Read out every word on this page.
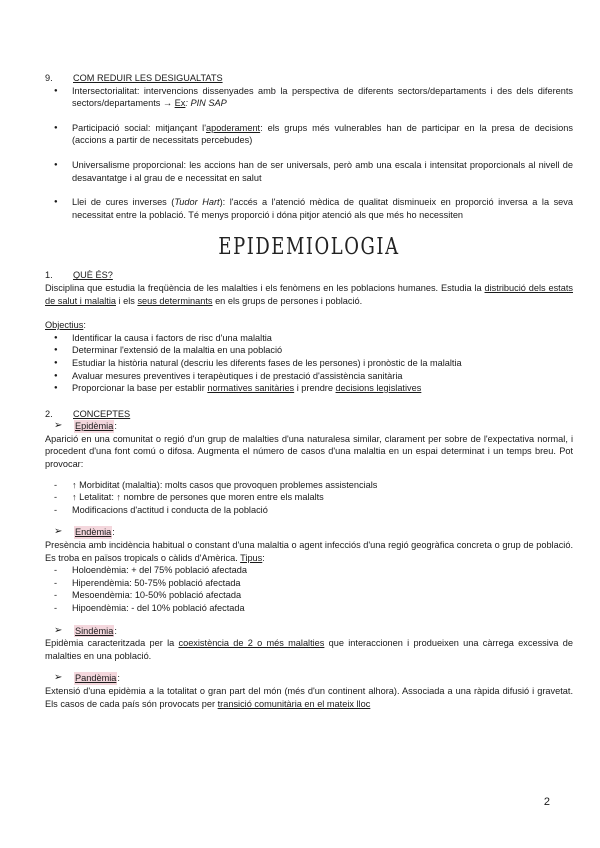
9.	COM REDUIR LES DESIGUALTATS
● Intersectorialitat: intervencions dissenyades amb la perspectiva de diferents sectors/departaments i des dels diferents sectors/departaments → Ex: PIN SAP
● Participació social: mitjançant l'apoderament: els grups més vulnerables han de participar en la presa de decisions (accions a partir de necessitats percebudes)
● Universalisme proporcional: les accions han de ser universals, però amb una escala i intensitat proporcionals al nivell de desavantatge i al grau de e necessitat en salut
● Llei de cures inverses (Tudor Hart): l'accés a l'atenció mèdica de qualitat disminueix en proporció inversa a la seva necessitat entre la població. Té menys proporció i dóna pitjor atenció als que més ho necessiten
EPIDEMIOLOGIA
1.	QUÈ ÉS?

Disciplina que estudia la freqüència de les malalties i els fenòmens en les poblacions humanes. Estudia la distribució dels estats de salut i malaltia i els seus determinants en els grups de persones i població.

Objectius:
● Identificar la causa i factors de risc d'una malaltia
● Determinar l'extensió de la malaltia en una població
● Estudiar la història natural (descriu les diferents fases de les persones) i pronòstic de la malaltia
● Avaluar mesures preventives i terapèutiques i de prestació d'assistència sanitària
● Proporcionar la base per establir normatives sanitàries i prendre decisions legislatives
2.	CONCEPTES
➢	Epidèmia :

Aparició en una comunitat o regió d'un grup de malalties d'una naturalesa similar, clarament per sobre de l'expectativa normal, i procedent d'una font comú o difosa. Augmenta el número de casos d'una malaltia en un espai determinat i un temps breu. Pot provocar:

- ↑ Morbiditat (malaltia): molts casos que provoquen problemes assistencials
- ↑ Letalitat: ↑ nombre de persones que moren entre els malalts
- Modificacions d'actitud i conducta de la població
➢	Endèmia :

Presència amb incidència habitual o constant d'una malaltia o agent infecciós d'una regió geogràfica concreta o grup de població. Es troba en països tropicals o càlids d'Amèrica. Tipus:

- Holoendèmia: + del 75% població afectada
- Hiperendèmia: 50-75% població afectada
- Mesoendèmia: 10-50% població afectada
- Hipoendèmia: - del 10% població afectada
➢	Sindèmia :

Epidèmia caracteritzada per la coexistència de 2 o més malalties que interaccionen i produeixen una càrrega excessiva de malalties en una població.

➢	Pandèmia :

Extensió d'una epidèmia a la totalitat o gran part del món (més d'un continent alhora). Associada a una ràpida difusió i gravetat. Els casos de cada país són provocats per transició comunitària en el mateix lloc

2
